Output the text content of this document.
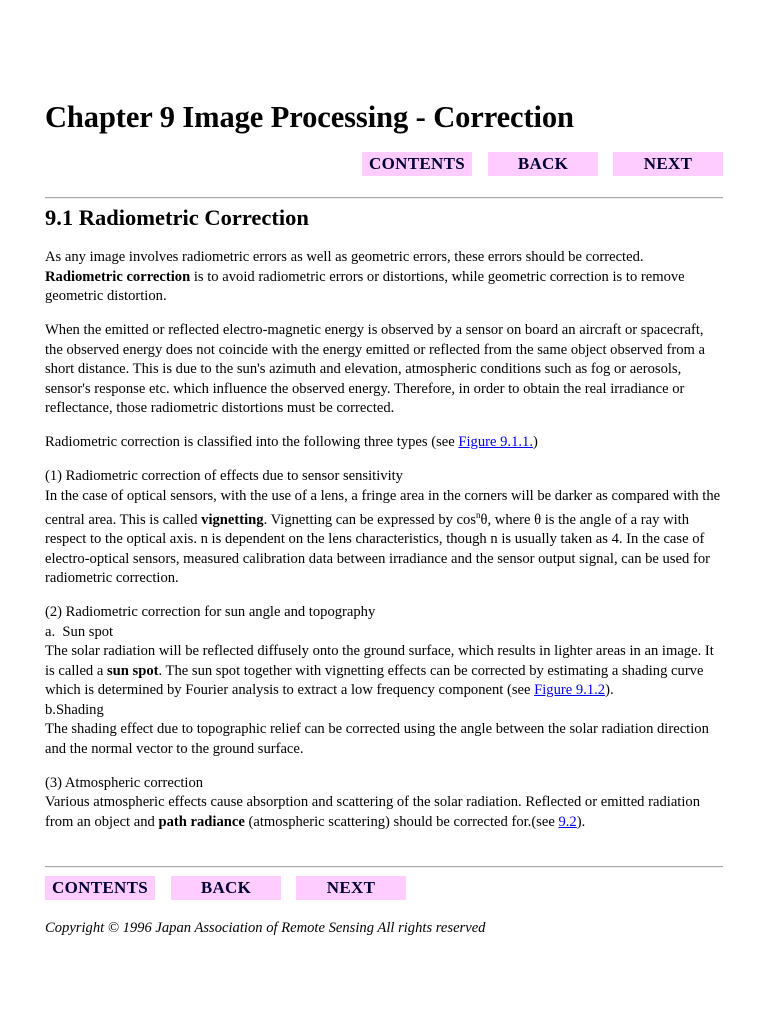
Chapter 9 Image Processing - Correction
CONTENTS	BACK	NEXT
9.1 Radiometric Correction

As any image involves radiometric errors as well as geometric errors, these errors should be corrected.
Radiometric correction is to avoid radiometric errors or distortions, while geometric correction is to remove geometric distortion.

When the emitted or reflected electro-magnetic energy is observed by a sensor on board an aircraft or spacecraft, the observed energy does not coincide with the energy emitted or reflected from the same object observed from a short distance. This is due to the sun's azimuth and elevation, atmospheric conditions such as fog or aerosols, sensor's response etc. which influence the observed energy. Therefore, in order to obtain the real irradiance or reflectance, those radiometric distortions must be corrected.

Radiometric correction is classified into the following three types (see Figure 9.1.1.)

(1) Radiometric correction of effects due to sensor sensitivity
In the case of optical sensors, with the use of a lens, a fringe area in the corners will be darker as compared with the central area. This is called vignetting. Vignetting can be expressed by $\cos^n\theta$, where θ is the angle of a ray with respect to the optical axis. n is dependent on the lens characteristics, though n is usually taken as 4. In the case of electro-optical sensors, measured calibration data between irradiance and the sensor output signal, can be used for radiometric correction.

(2) Radiometric correction for sun angle and topography
a.  Sun spot
The solar radiation will be reflected diffusely onto the ground surface, which results in lighter areas in an image. It is called a sun spot. The sun spot together with vignetting effects can be corrected by estimating a shading curve which is determined by Fourier analysis to extract a low frequency component (see Figure 9.1.2).
b.Shading
The shading effect due to topographic relief can be corrected using the angle between the solar radiation direction and the normal vector to the ground surface.

(3) Atmospheric correction
Various atmospheric effects cause absorption and scattering of the solar radiation. Reflected or emitted radiation from an object and path radiance (atmospheric scattering) should be corrected for.(see 9.2).

CONTENTS	BACK	NEXT

Copyright © 1996 Japan Association of Remote Sensing All rights reserved
